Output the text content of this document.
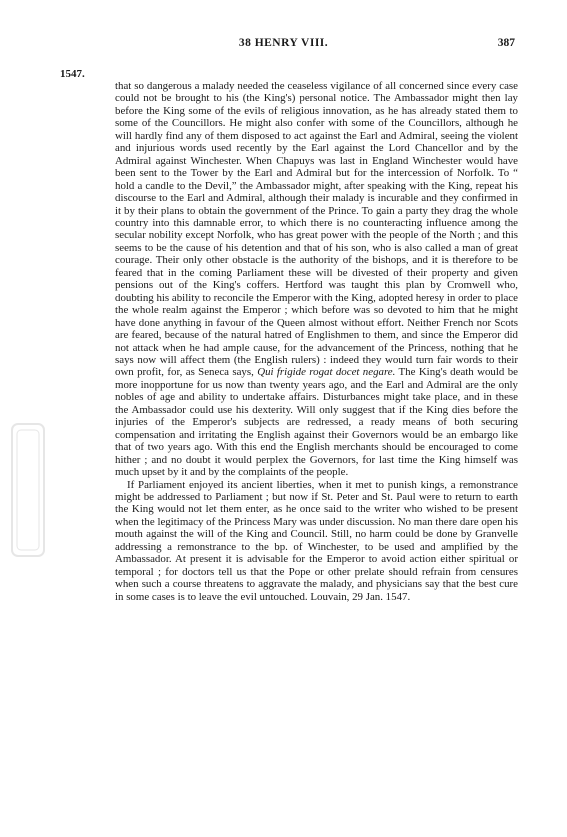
38 HENRY VIII.	387
1547.

that so dangerous a malady needed the ceaseless vigilance of all concerned since every case could not be brought to his (the King's) personal notice. The Ambassador might then lay before the King some of the evils of religious innovation, as he has already stated them to some of the Councillors. He might also confer with some of the Councillors, although he will hardly find any of them disposed to act against the Earl and Admiral, seeing the violent and injurious words used recently by the Earl against the Lord Chancellor and by the Admiral against Winchester. When Chapuys was last in England Winchester would have been sent to the Tower by the Earl and Admiral but for the intercession of Norfolk. To “ hold a candle to the Devil,” the Ambassador might, after speaking with the King, repeat his discourse to the Earl and Admiral, although their malady is incurable and they confirmed in it by their plans to obtain the government of the Prince. To gain a party they drag the whole country into this damnable error, to which there is no counteracting influence among the secular nobility except Norfolk, who has great power with the people of the North ; and this seems to be the cause of his detention and that of his son, who is also called a man of great courage. Their only other obstacle is the authority of the bishops, and it is therefore to be feared that in the coming Parliament these will be divested of their property and given pensions out of the King's coffers. Hertford was taught this plan by Cromwell who, doubting his ability to reconcile the Emperor with the King, adopted heresy in order to place the whole realm against the Emperor ; which before was so devoted to him that he might have done anything in favour of the Queen almost without effort. Neither French nor Scots are feared, because of the natural hatred of Englishmen to them, and since the Emperor did not attack when he had ample cause, for the advancement of the Princess, nothing that he says now will affect them (the English rulers) : indeed they would turn fair words to their own profit, for, as Seneca says, Qui frigide rogat docet negare. The King's death would be more inopportune for us now than twenty years ago, and the Earl and Admiral are the only nobles of age and ability to undertake affairs. Disturbances might take place, and in these the Ambassador could use his dexterity. Will only suggest that if the King dies before the injuries of the Emperor's subjects are redressed, a ready means of both securing compensation and irritating the English against their Governors would be an embargo like that of two years ago. With this end the English merchants should be encouraged to come hither ; and no doubt it would perplex the Governors, for last time the King himself was much upset by it and by the complaints of the people.

If Parliament enjoyed its ancient liberties, when it met to punish kings, a remonstrance might be addressed to Parliament ; but now if St. Peter and St. Paul were to return to earth the King would not let them enter, as he once said to the writer who wished to be present when the legitimacy of the Princess Mary was under discussion. No man there dare open his mouth against the will of the King and Council. Still, no harm could be done by Granvelle addressing a remonstrance to the bp. of Winchester, to be used and amplified by the Ambassador. At present it is advisable for the Emperor to avoid action either spiritual or temporal ; for doctors tell us that the Pope or other prelate should refrain from censures when such a course threatens to aggravate the malady, and physicians say that the best cure in some cases is to leave the evil untouched. Louvain, 29 Jan. 1547.
